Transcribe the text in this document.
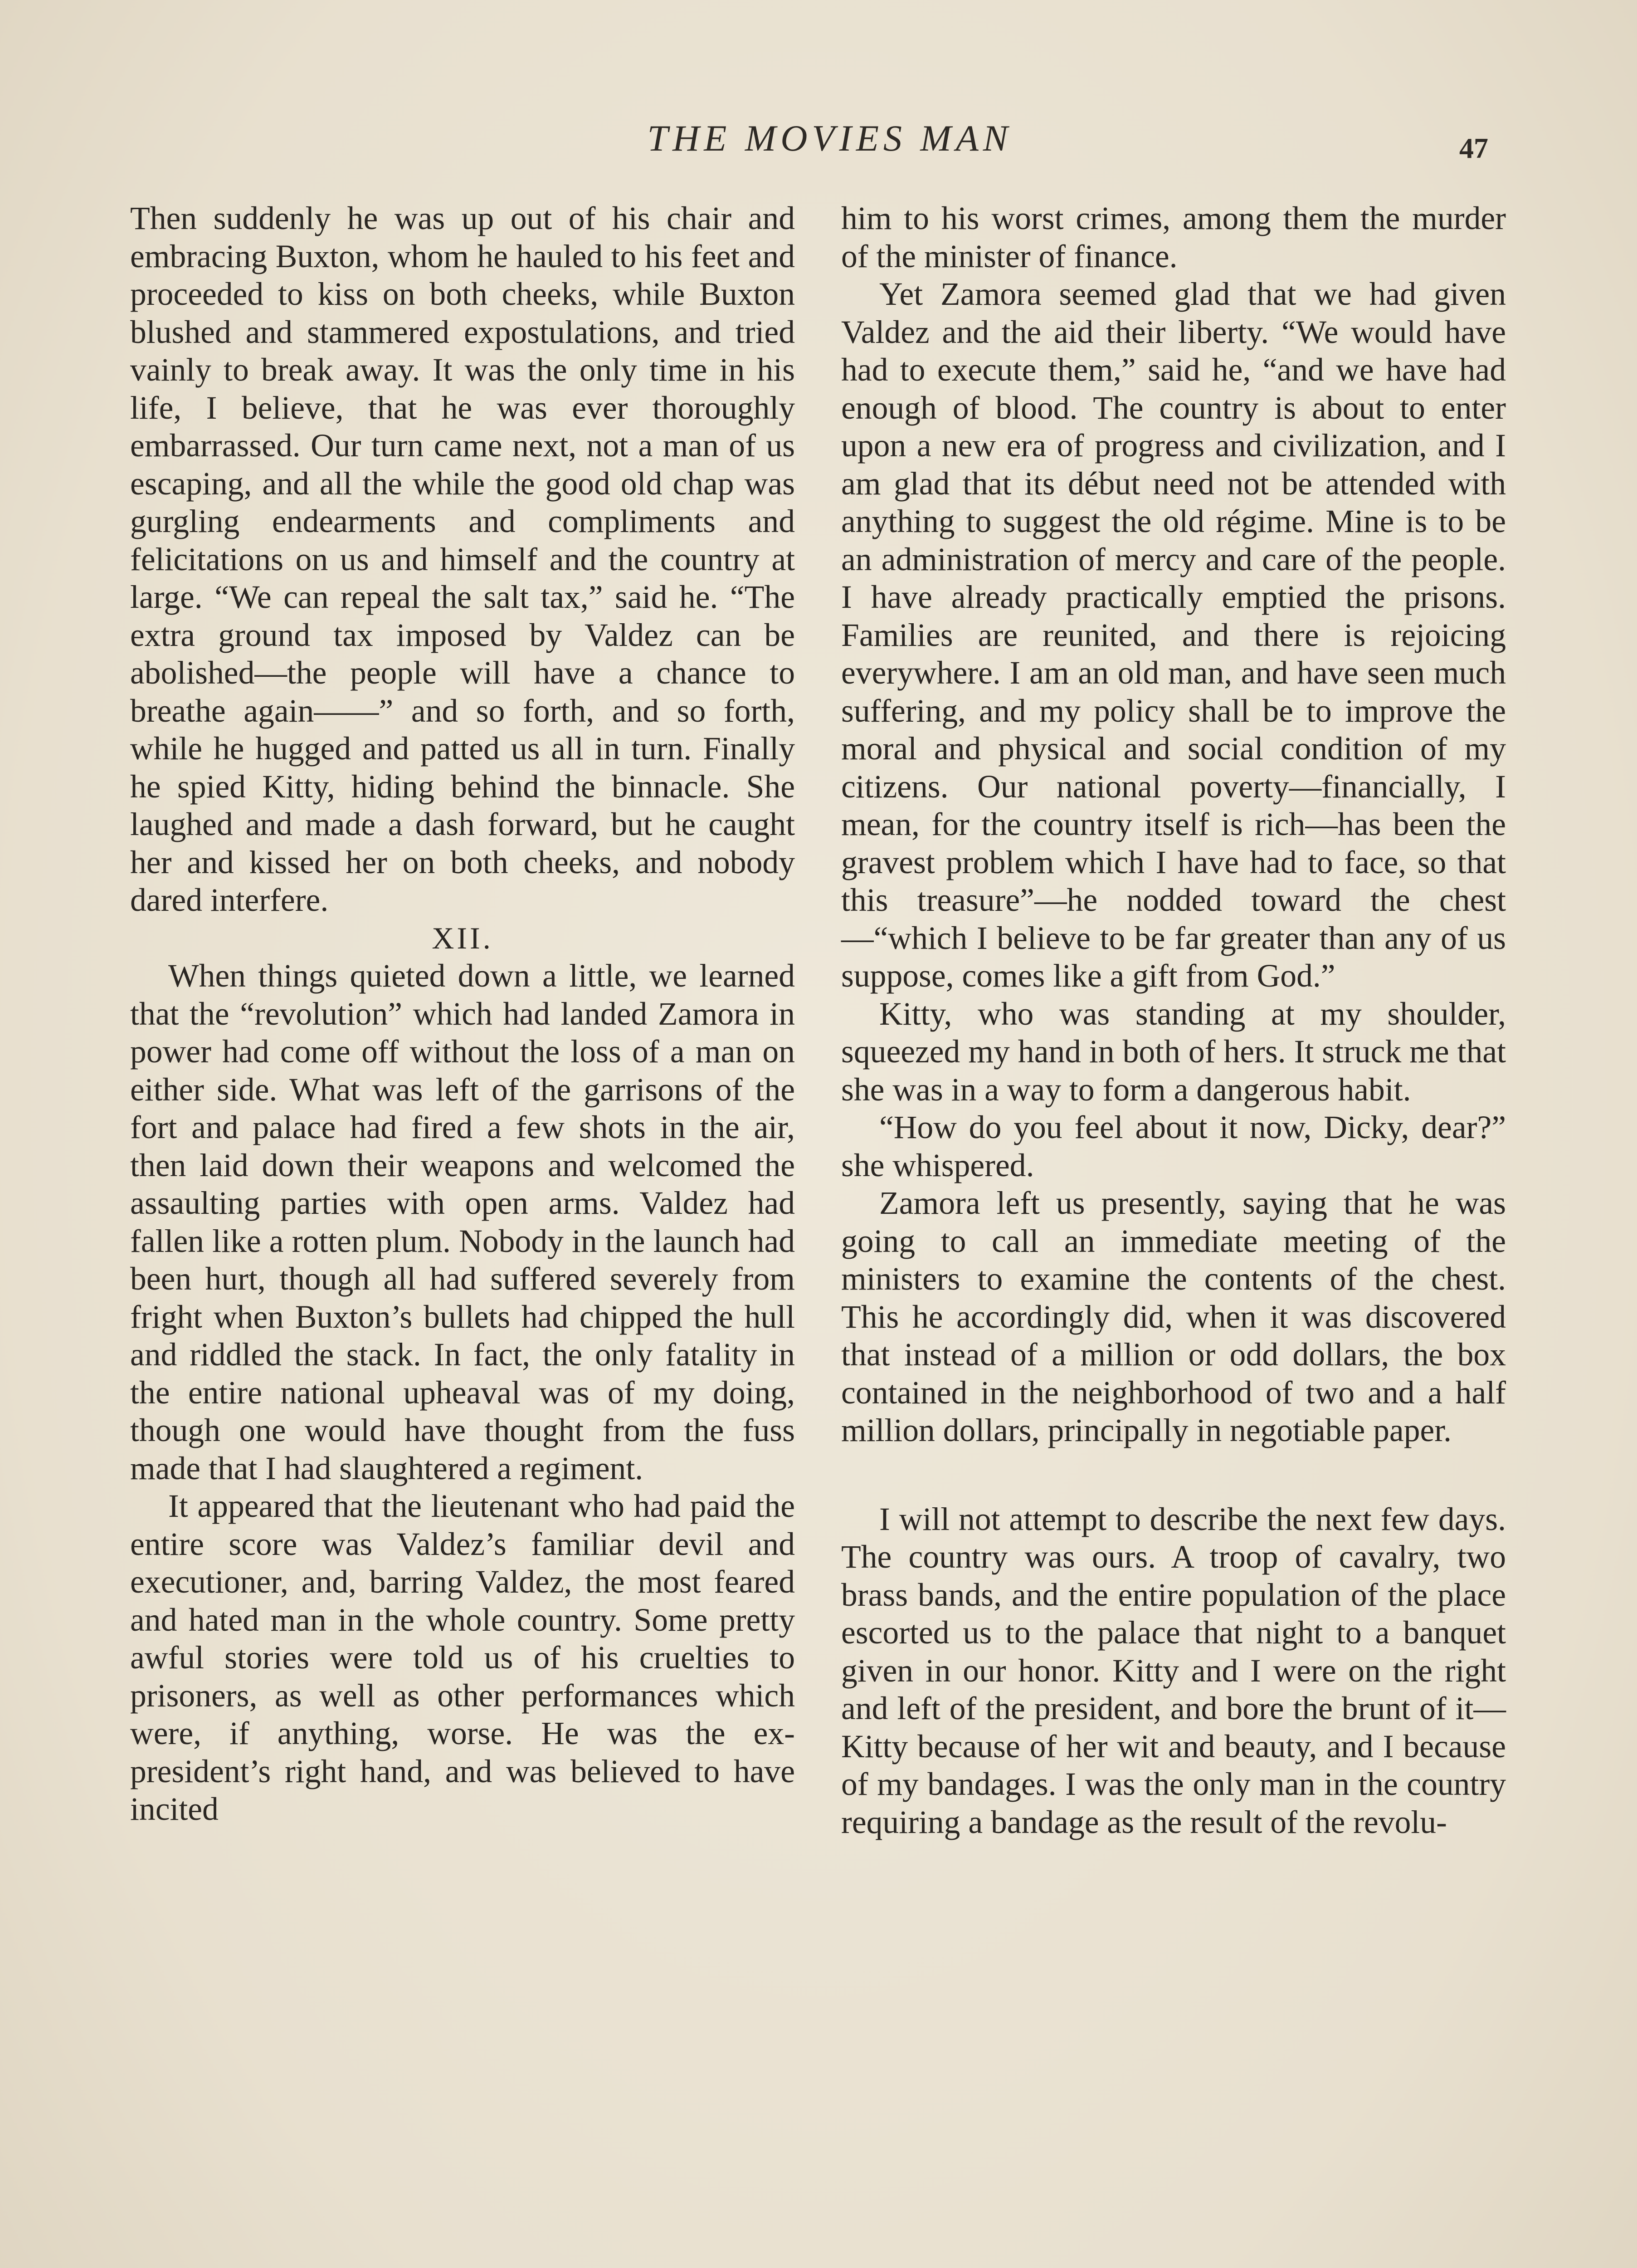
THE MOVIES MAN	47

Then suddenly he was up out of his chair and embracing Buxton, whom he hauled to his feet and proceeded to kiss on both cheeks, while Buxton blushed and stammered expostulations, and tried vainly to break away. It was the only time in his life, I believe, that he was ever thoroughly embarrassed. Our turn came next, not a man of us escaping, and all the while the good old chap was gurgling endearments and compliments and felicitations on us and himself and the country at large. “We can repeal the salt tax,” said he. “The extra ground tax imposed by Valdez can be abolished—the people will have a chance to breathe again——” and so forth, and so forth, while he hugged and patted us all in turn. Finally he spied Kitty, hiding behind the binnacle. She laughed and made a dash forward, but he caught her and kissed her on both cheeks, and nobody dared interfere.

XII.

When things quieted down a little, we learned that the “revolution” which had landed Zamora in power had come off without the loss of a man on either side. What was left of the garrisons of the fort and palace had fired a few shots in the air, then laid down their weapons and welcomed the assaulting parties with open arms. Valdez had fallen like a rotten plum. Nobody in the launch had been hurt, though all had suffered severely from fright when Buxton’s bullets had chipped the hull and riddled the stack. In fact, the only fatality in the entire national upheaval was of my doing, though one would have thought from the fuss made that I had slaughtered a regiment.

It appeared that the lieutenant who had paid the entire score was Valdez’s familiar devil and executioner, and, barring Valdez, the most feared and hated man in the whole country. Some pretty awful stories were told us of his cruelties to prisoners, as well as other performances which were, if anything, worse. He was the ex-president’s right hand, and was believed to have incited

him to his worst crimes, among them the murder of the minister of finance.

Yet Zamora seemed glad that we had given Valdez and the aid their liberty. “We would have had to execute them,” said he, “and we have had enough of blood. The country is about to enter upon a new era of progress and civilization, and I am glad that its début need not be attended with anything to suggest the old régime. Mine is to be an administration of mercy and care of the people. I have already practically emptied the prisons. Families are reunited, and there is rejoicing everywhere. I am an old man, and have seen much suffering, and my policy shall be to improve the moral and physical and social condition of my citizens. Our national poverty—financially, I mean, for the country itself is rich—has been the gravest problem which I have had to face, so that this treasure”—he nodded toward the chest —“which I believe to be far greater than any of us suppose, comes like a gift from God.”

Kitty, who was standing at my shoulder, squeezed my hand in both of hers. It struck me that she was in a way to form a dangerous habit.

“How do you feel about it now, Dicky, dear?” she whispered.

Zamora left us presently, saying that he was going to call an immediate meeting of the ministers to examine the contents of the chest. This he accordingly did, when it was discovered that instead of a million or odd dollars, the box contained in the neighborhood of two and a half million dollars, principally in negotiable paper.

I will not attempt to describe the next few days. The country was ours. A troop of cavalry, two brass bands, and the entire population of the place escorted us to the palace that night to a banquet given in our honor. Kitty and I were on the right and left of the president, and bore the brunt of it—Kitty because of her wit and beauty, and I because of my bandages. I was the only man in the country requiring a bandage as the result of the revolu-
